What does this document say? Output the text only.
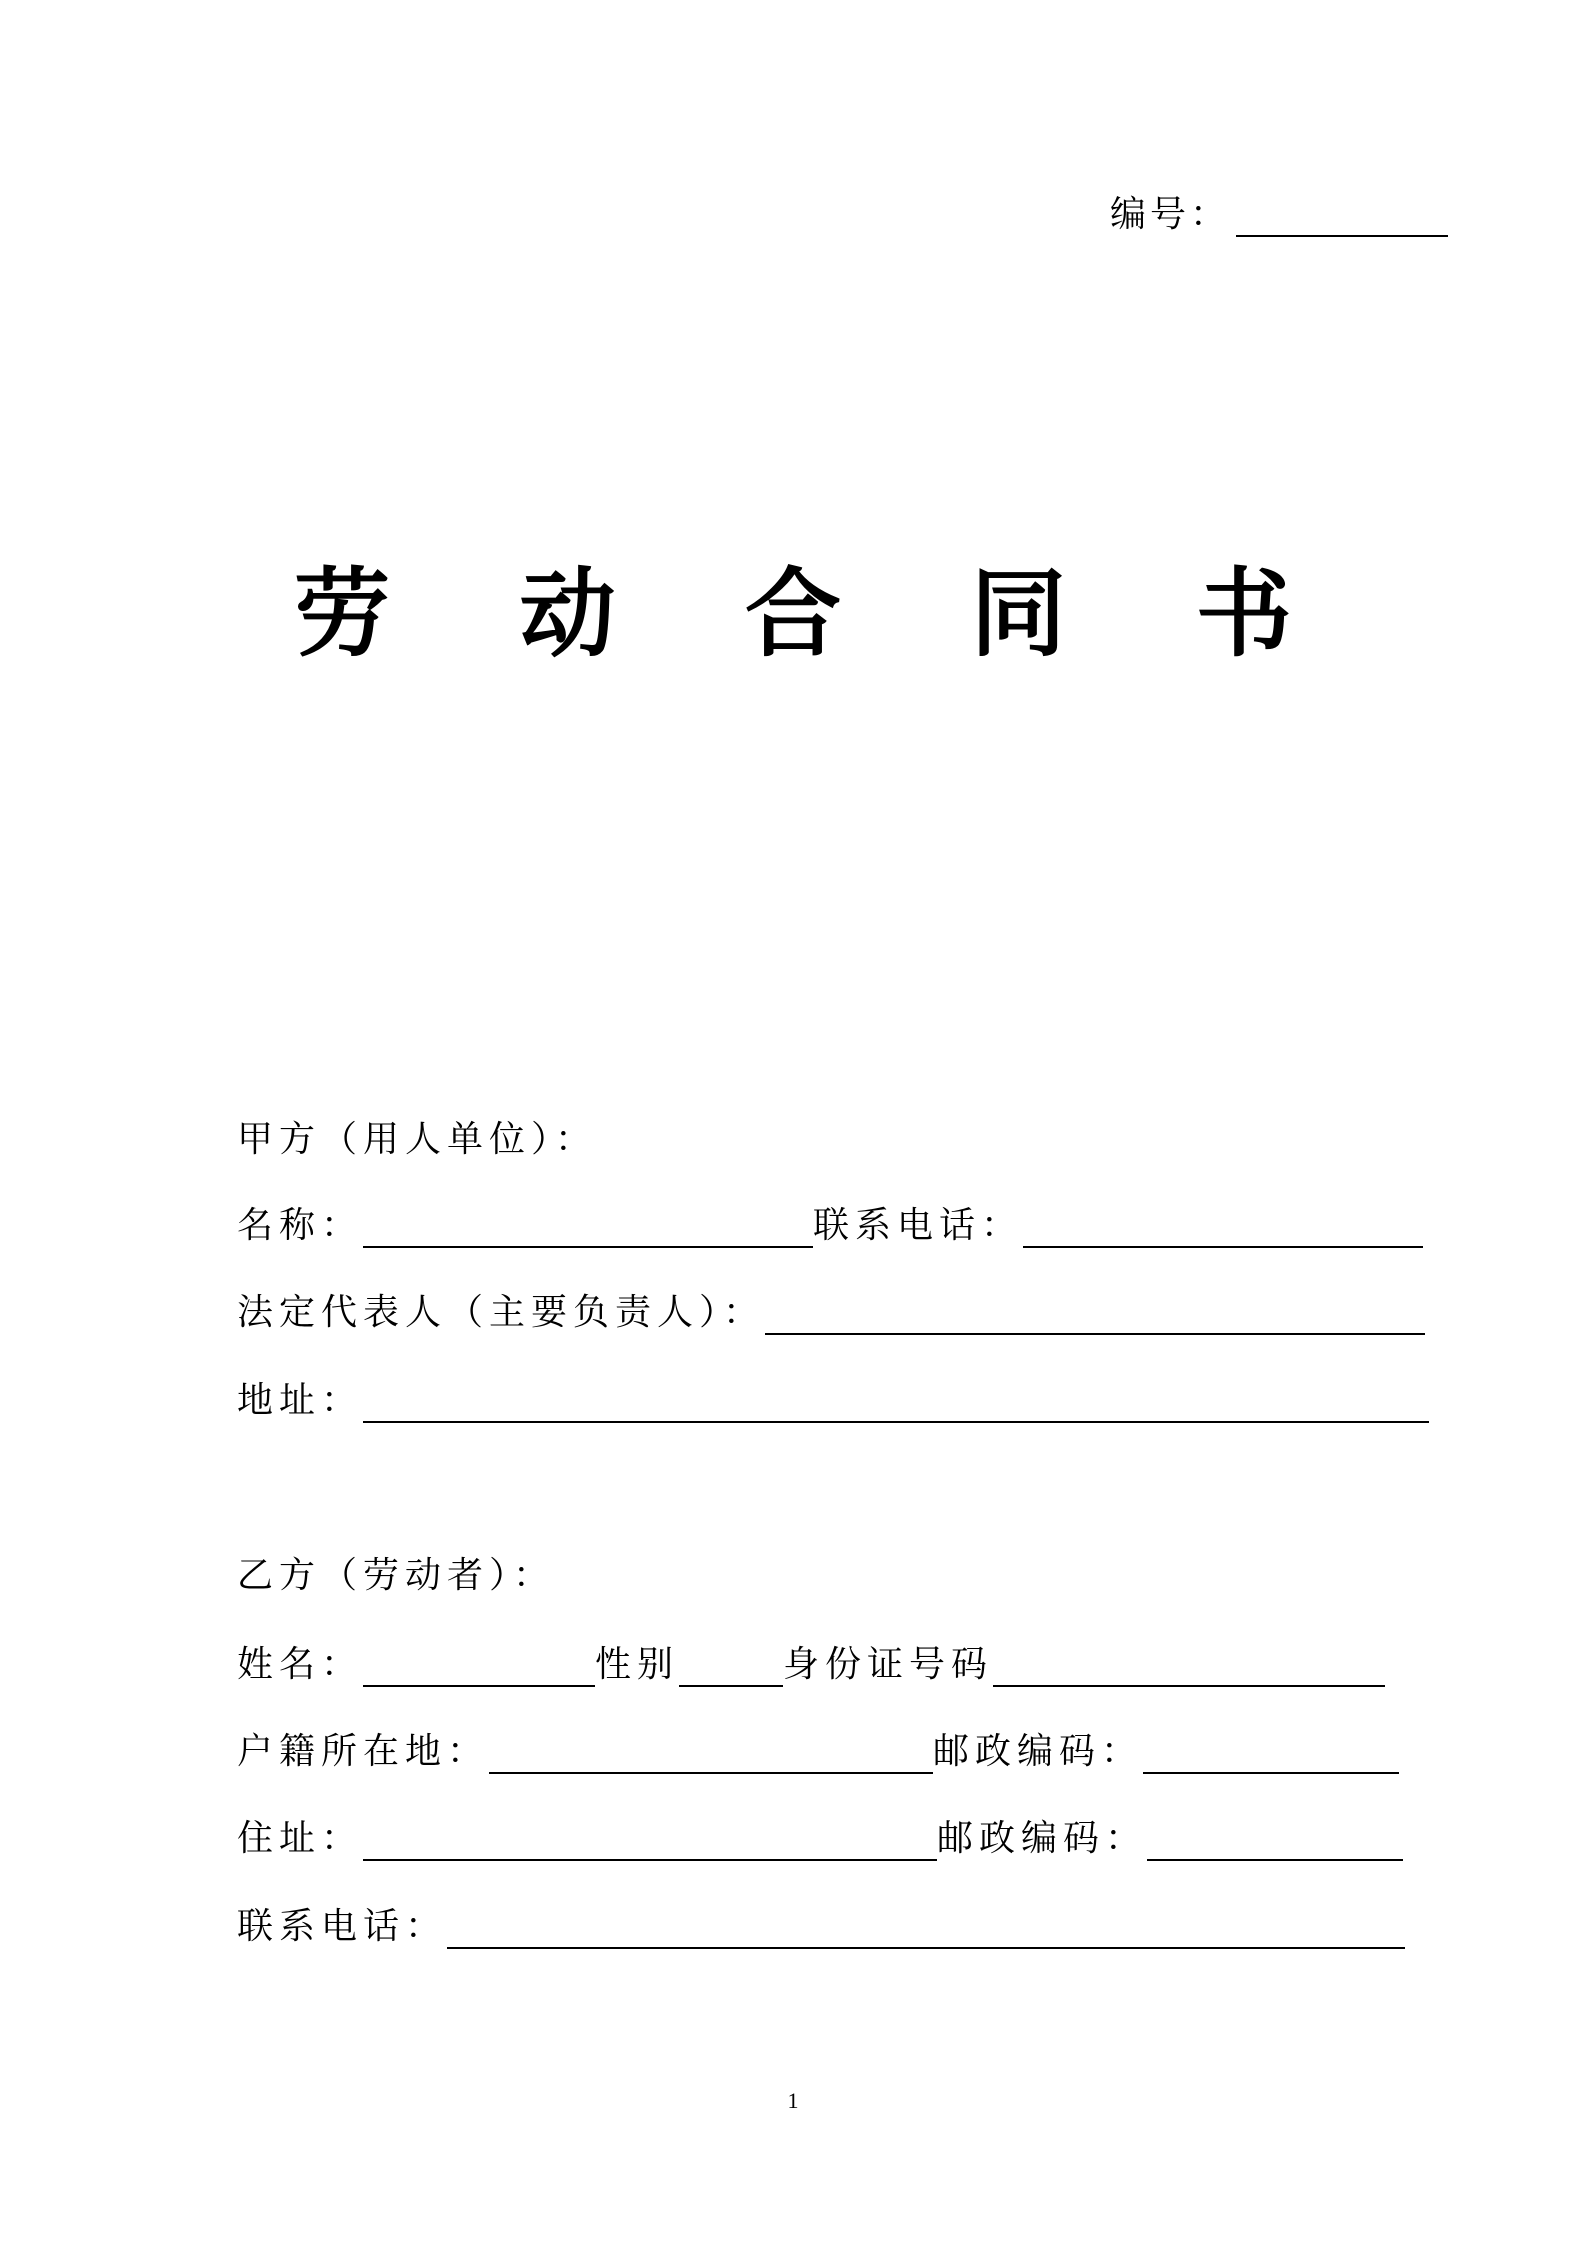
编号：
劳 动 合 同 书
甲方（用人单位）：
名称：	联系电话：
法定代表人（主要负责人）：
地址：
乙方（劳动者）：
姓名：	性别	身份证号码
户籍所在地：	邮政编码：
住址：	邮政编码：
联系电话：
1
